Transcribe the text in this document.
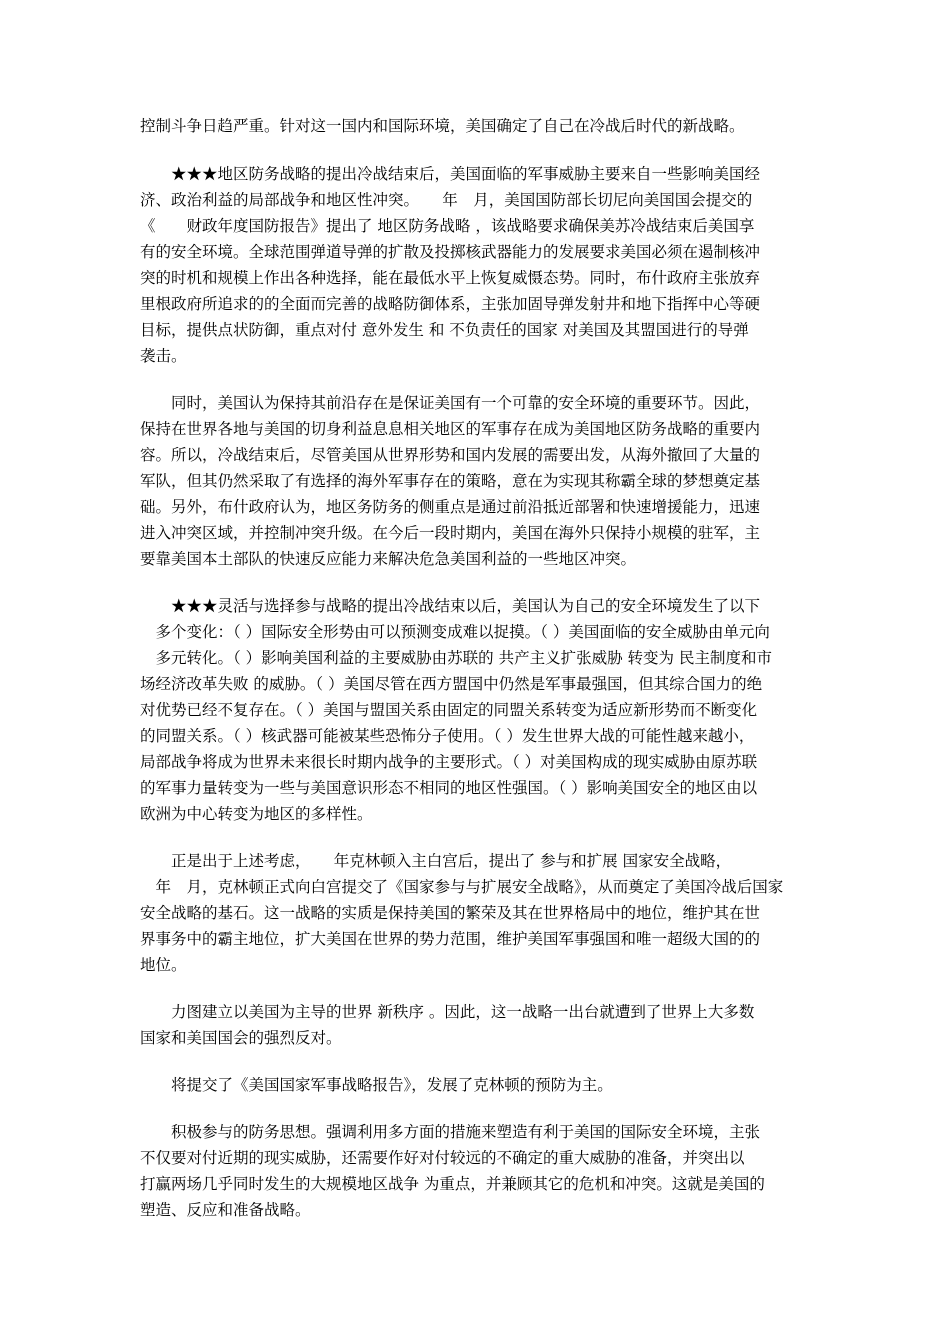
控制斗争日趋严重。针对这一国内和国际环境，美国确定了自己在冷战后时代的新战略。
　　★★★地区防务战略的提出冷战结束后，美国面临的军事威胁主要来自一些影响美国经
济、政治利益的局部战争和地区性冲突。　　年　月，美国国防部长切尼向美国国会提交的
《　　财政年度国防报告》提出了 地区防务战略 ，该战略要求确保美苏冷战结束后美国享
有的安全环境。全球范围弹道导弹的扩散及投掷核武器能力的发展要求美国必须在遏制核冲
突的时机和规模上作出各种选择，能在最低水平上恢复威慑态势。同时，布什政府主张放弃
里根政府所追求的的全面而完善的战略防御体系，主张加固导弹发射井和地下指挥中心等硬
目标，提供点状防御，重点对付 意外发生 和 不负责任的国家 对美国及其盟国进行的导弹
袭击。
　　同时，美国认为保持其前沿存在是保证美国有一个可靠的安全环境的重要环节。因此，
保持在世界各地与美国的切身利益息息相关地区的军事存在成为美国地区防务战略的重要内
容。所以，冷战结束后，尽管美国从世界形势和国内发展的需要出发，从海外撤回了大量的
军队，但其仍然采取了有选择的海外军事存在的策略，意在为实现其称霸全球的梦想奠定基
础。另外，布什政府认为，地区务防务的侧重点是通过前沿抵近部署和快速增援能力，迅速
进入冲突区域，并控制冲突升级。在今后一段时期内，美国在海外只保持小规模的驻军，主
要靠美国本土部队的快速反应能力来解决危急美国利益的一些地区冲突。
　　★★★灵活与选择参与战略的提出冷战结束以后，美国认为自己的安全环境发生了以下
　多个变化：（ ）国际安全形势由可以预测变成难以捉摸。（ ）美国面临的安全威胁由单元向
　多元转化。（ ）影响美国利益的主要威胁由苏联的 共产主义扩张威胁 转变为 民主制度和市
场经济改革失败 的威胁。（ ）美国尽管在西方盟国中仍然是军事最强国，但其综合国力的绝
对优势已经不复存在。（ ）美国与盟国关系由固定的同盟关系转变为适应新形势而不断变化
的同盟关系。（ ）核武器可能被某些恐怖分子使用。（ ）发生世界大战的可能性越来越小，
局部战争将成为世界未来很长时期内战争的主要形式。（ ）对美国构成的现实威胁由原苏联
的军事力量转变为一些与美国意识形态不相同的地区性强国。（ ）影响美国安全的地区由以
欧洲为中心转变为地区的多样性。
　　正是出于上述考虑，　　年克林顿入主白宫后，提出了 参与和扩展 国家安全战略，
　年　月，克林顿正式向白宫提交了《国家参与与扩展安全战略》，从而奠定了美国冷战后国家
安全战略的基石。这一战略的实质是保持美国的繁荣及其在世界格局中的地位，维护其在世
界事务中的霸主地位，扩大美国在世界的势力范围，维护美国军事强国和唯一超级大国的的
地位。
　　力图建立以美国为主导的世界 新秩序 。因此，这一战略一出台就遭到了世界上大多数
国家和美国国会的强烈反对。
　　将提交了《美国国家军事战略报告》，发展了克林顿的预防为主。
　　积极参与的防务思想。强调利用多方面的措施来塑造有利于美国的国际安全环境，主张
不仅要对付近期的现实威胁，还需要作好对付较远的不确定的重大威胁的准备，并突出以
打赢两场几乎同时发生的大规模地区战争 为重点，并兼顾其它的危机和冲突。这就是美国的
塑造、反应和准备战略。
